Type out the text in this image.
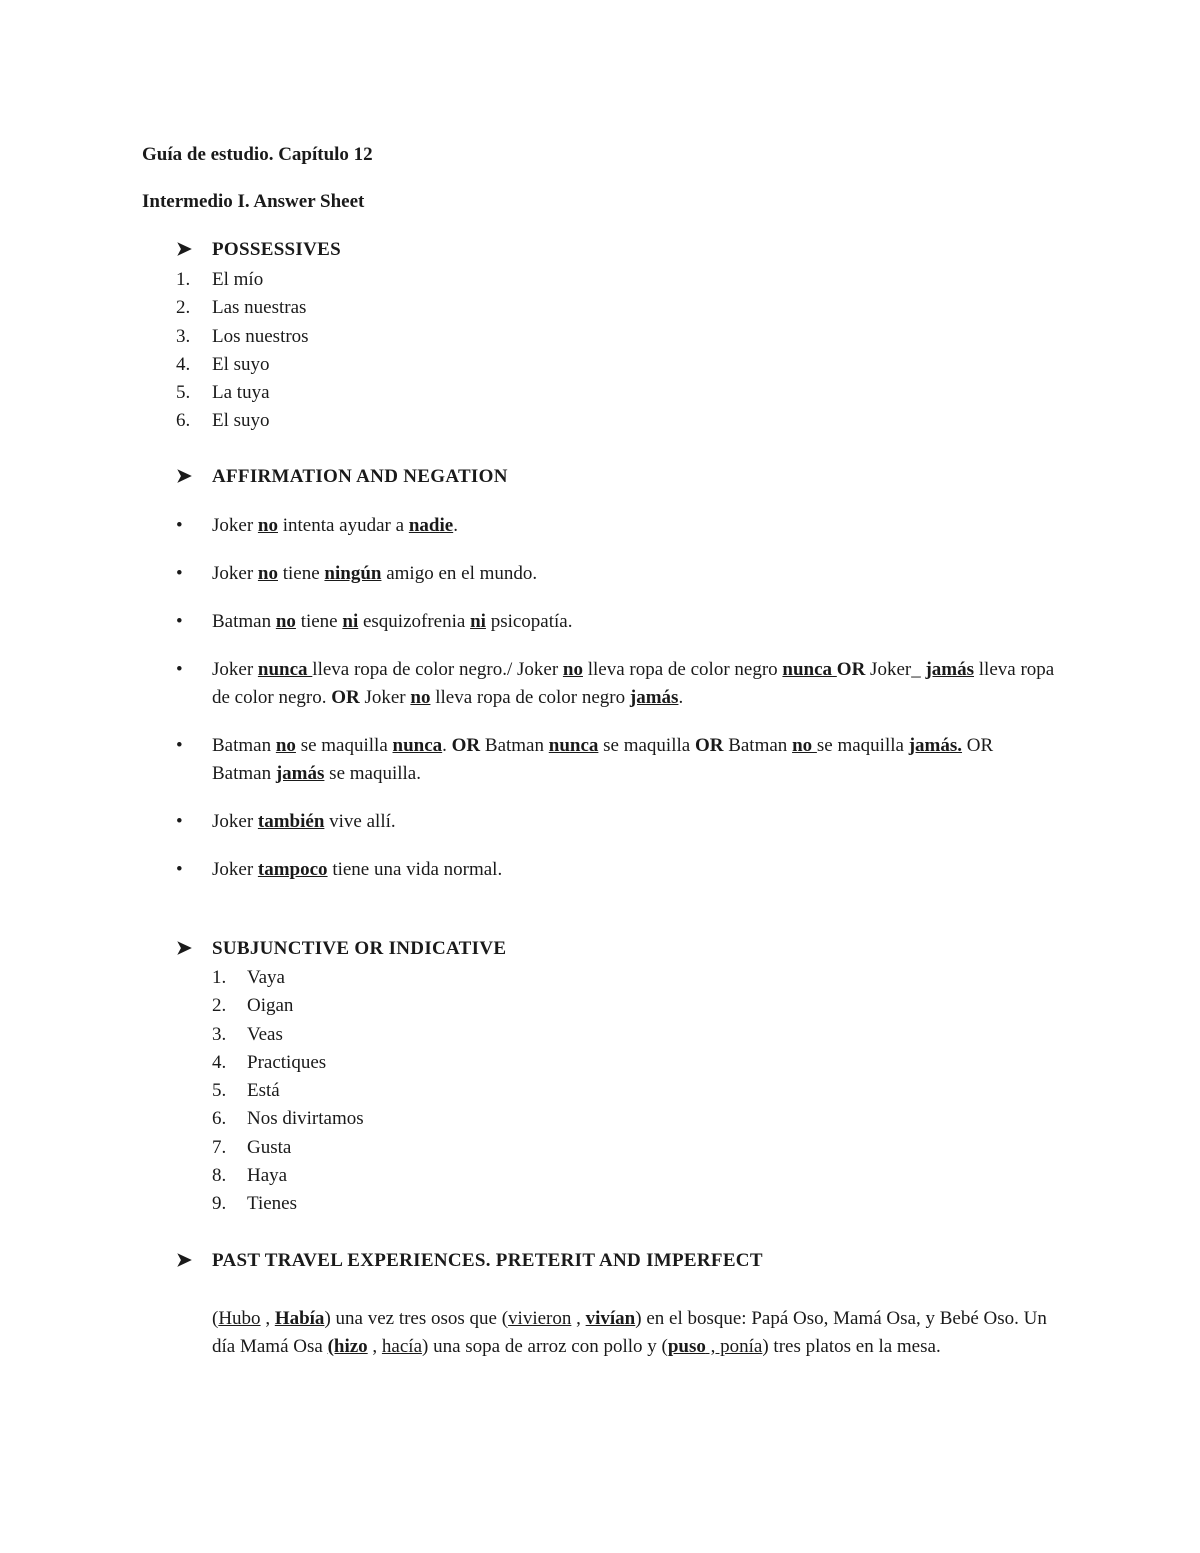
Guía de estudio. Capítulo 12
Intermedio I. Answer Sheet
➤ POSSESSIVES
1. El mío
2. Las nuestras
3. Los nuestros
4. El suyo
5. La tuya
6. El suyo
➤ AFFIRMATION AND NEGATION
• Joker no intenta ayudar a nadie.
• Joker no tiene ningún amigo en el mundo.
• Batman no tiene ni esquizofrenia ni psicopatía.
• Joker nunca lleva ropa de color negro./ Joker no lleva ropa de color negro nunca OR Joker_ jamás lleva ropa de color negro. OR Joker no lleva ropa de color negro jamás.
• Batman no se maquilla nunca. OR Batman nunca se maquilla OR Batman no se maquilla jamás. OR Batman jamás se maquilla.
• Joker también vive allí.
• Joker tampoco tiene una vida normal.
➤ SUBJUNCTIVE OR INDICATIVE
1. Vaya
2. Oigan
3. Veas
4. Practiques
5. Está
6. Nos divirtamos
7. Gusta
8. Haya
9. Tienes
➤ PAST TRAVEL EXPERIENCES. PRETERIT AND IMPERFECT
(Hubo , Había) una vez tres osos que (vivieron , vivían) en el bosque: Papá Oso, Mamá Osa, y Bebé Oso. Un día Mamá Osa (hizo , hacía) una sopa de arroz con pollo y (puso , ponía) tres platos en la mesa.
